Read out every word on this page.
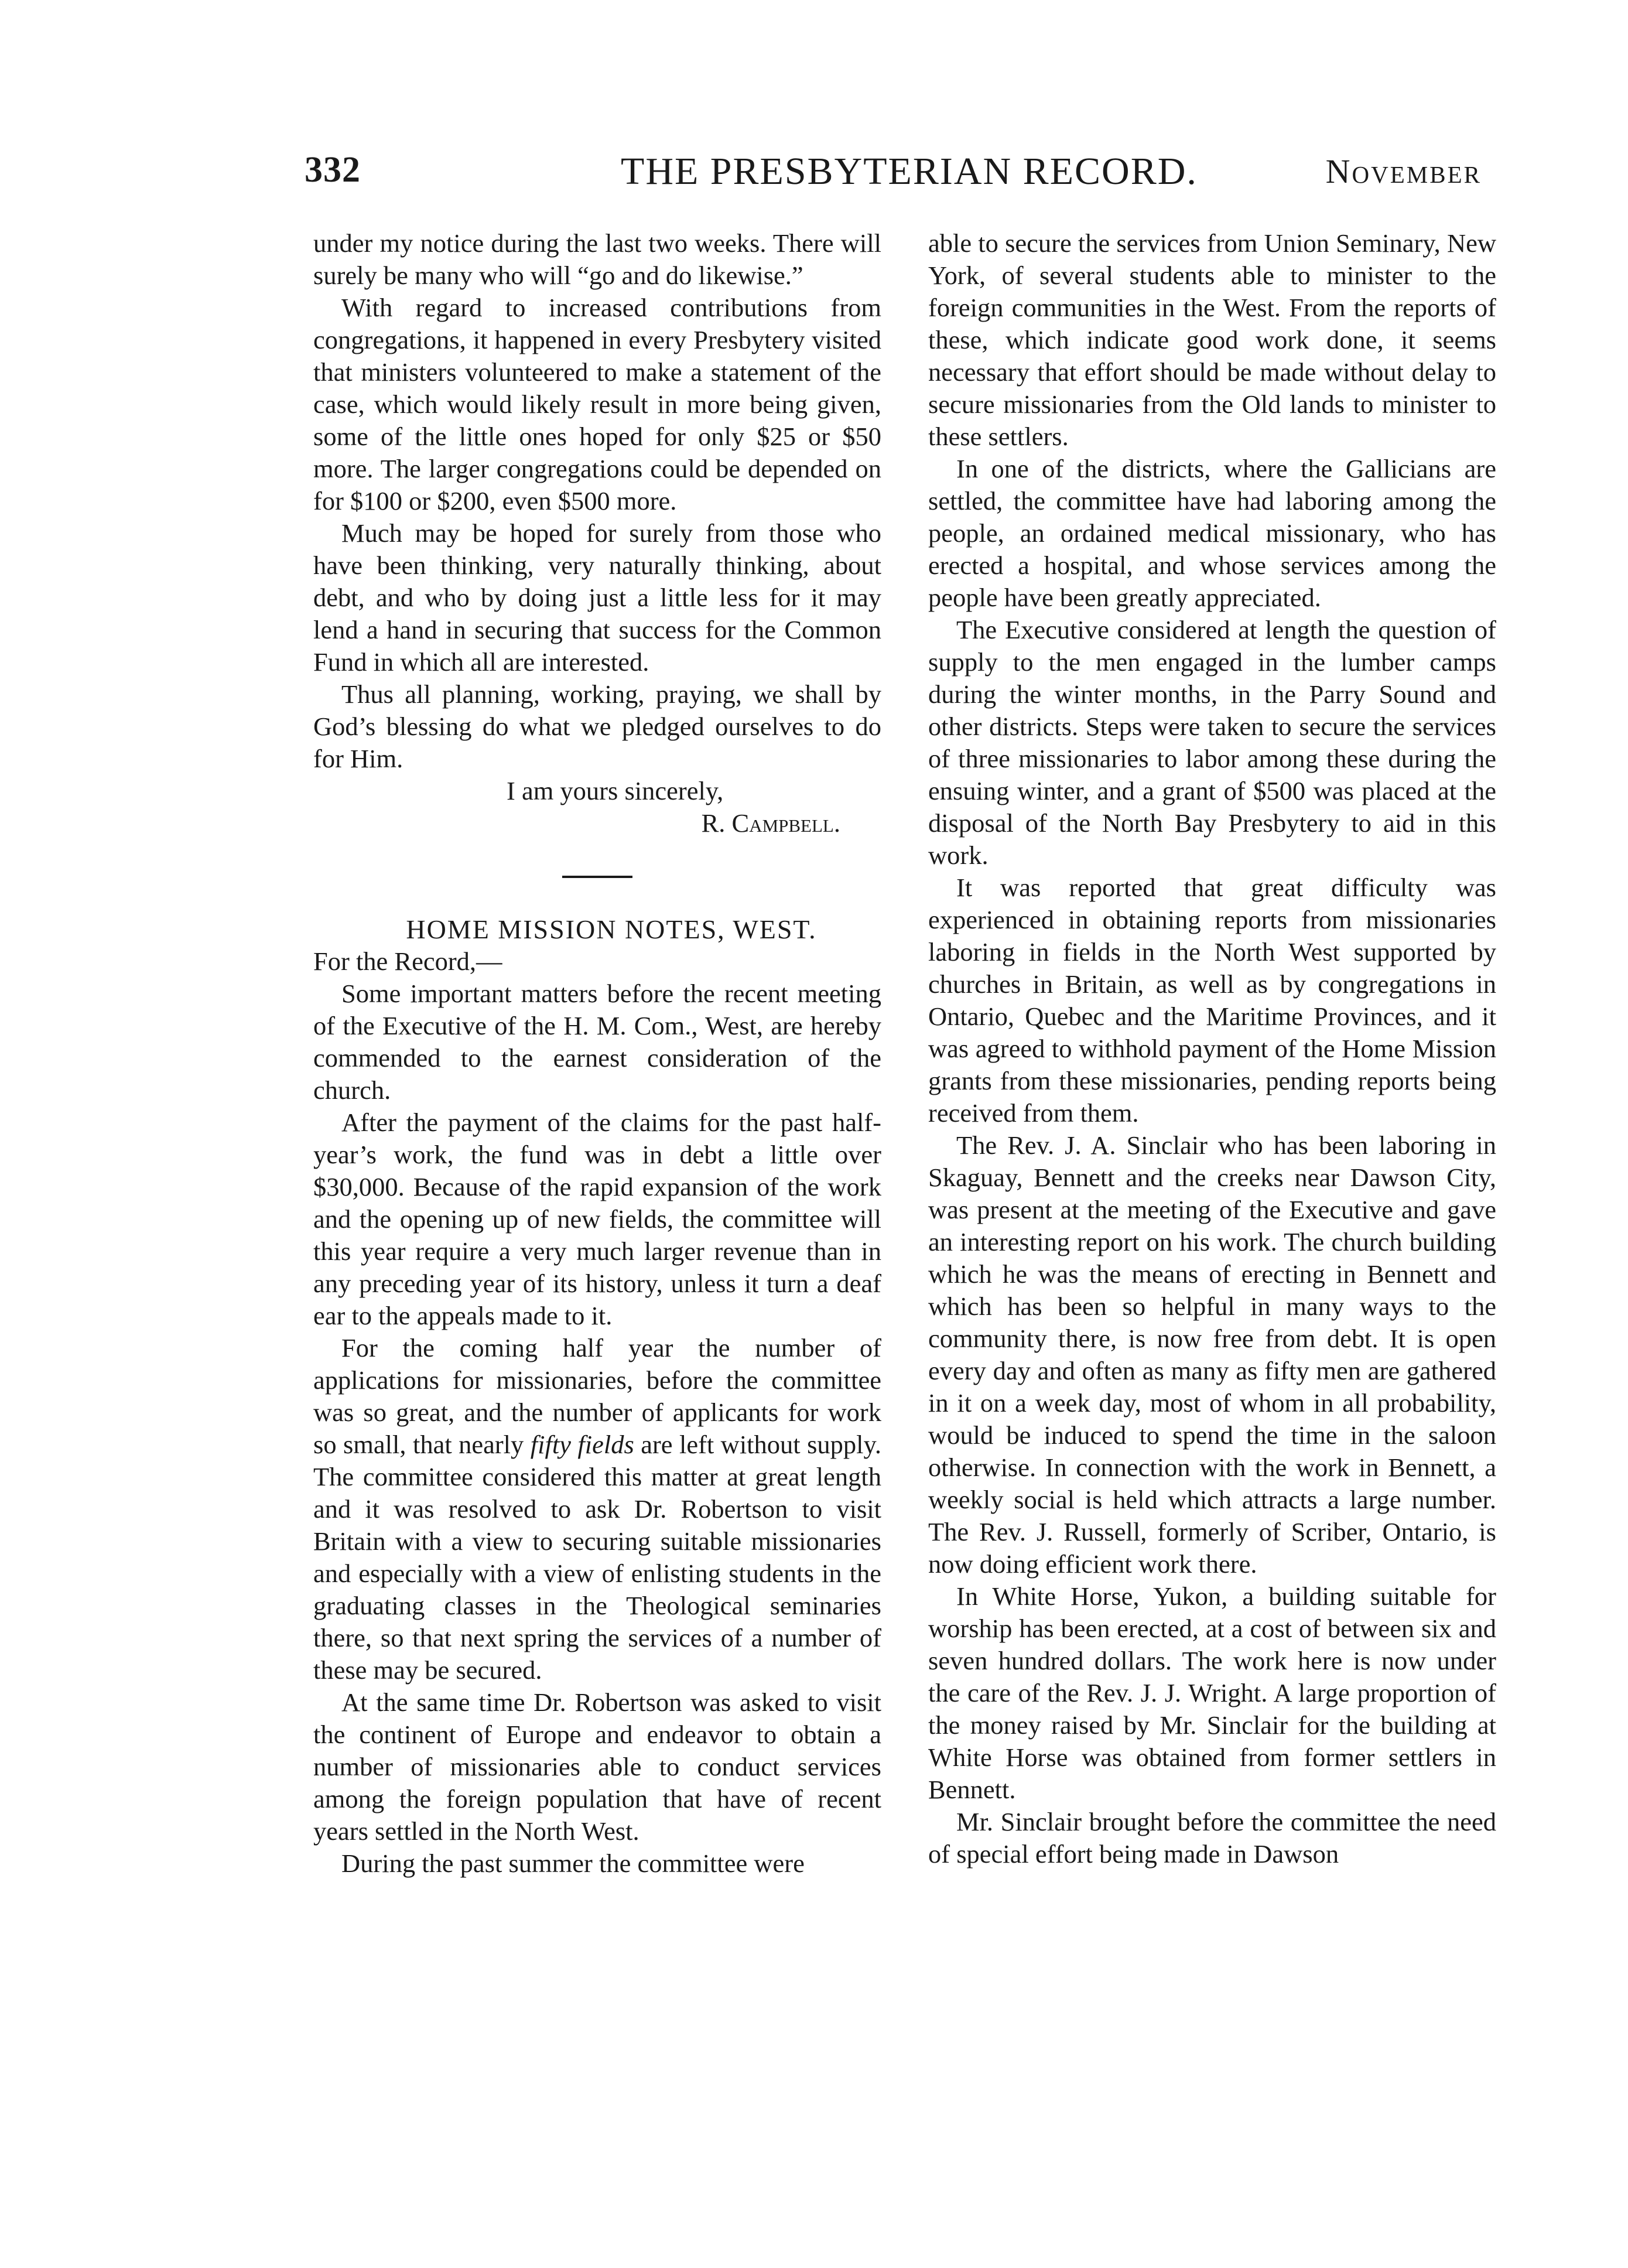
332	THE PRESBYTERIAN RECORD.	November

under my notice during the last two weeks. There will surely be many who will “go and do likewise.”

With regard to increased contributions from congregations, it happened in every Presbytery visited that ministers volunteered to make a statement of the case, which would likely result in more being given, some of the little ones hoped for only $25 or $50 more. The larger congregations could be depended on for $100 or $200, even $500 more.

Much may be hoped for surely from those who have been thinking, very naturally thinking, about debt, and who by doing just a little less for it may lend a hand in securing that success for the Common Fund in which all are interested.

Thus all planning, working, praying, we shall by God’s blessing do what we pledged ourselves to do for Him.

I am yours sincerely,
R. Campbell.

HOME MISSION NOTES, WEST.

For the Record,—

Some important matters before the recent meeting of the Executive of the H. M. Com., West, are hereby commended to the earnest consideration of the church.

After the payment of the claims for the past half-year’s work, the fund was in debt a little over $30,000. Because of the rapid expansion of the work and the opening up of new fields, the committee will this year require a very much larger revenue than in any preceding year of its history, unless it turn a deaf ear to the appeals made to it.

For the coming half year the number of applications for missionaries, before the committee was so great, and the number of applicants for work so small, that nearly fifty fields are left without supply. The committee considered this matter at great length and it was resolved to ask Dr. Robertson to visit Britain with a view to securing suitable missionaries and especially with a view of enlisting students in the graduating classes in the Theological seminaries there, so that next spring the services of a number of these may be secured.

At the same time Dr. Robertson was asked to visit the continent of Europe and endeavor to obtain a number of missionaries able to conduct services among the foreign population that have of recent years settled in the North West.

During the past summer the committee were

able to secure the services from Union Seminary, New York, of several students able to minister to the foreign communities in the West. From the reports of these, which indicate good work done, it seems necessary that effort should be made without delay to secure missionaries from the Old lands to minister to these settlers.

In one of the districts, where the Gallicians are settled, the committee have had laboring among the people, an ordained medical missionary, who has erected a hospital, and whose services among the people have been greatly appreciated.

The Executive considered at length the question of supply to the men engaged in the lumber camps during the winter months, in the Parry Sound and other districts. Steps were taken to secure the services of three missionaries to labor among these during the ensuing winter, and a grant of $500 was placed at the disposal of the North Bay Presbytery to aid in this work.

It was reported that great difficulty was experienced in obtaining reports from missionaries laboring in fields in the North West supported by churches in Britain, as well as by congregations in Ontario, Quebec and the Maritime Provinces, and it was agreed to withhold payment of the Home Mission grants from these missionaries, pending reports being received from them.

The Rev. J. A. Sinclair who has been laboring in Skaguay, Bennett and the creeks near Dawson City, was present at the meeting of the Executive and gave an interesting report on his work. The church building which he was the means of erecting in Bennett and which has been so helpful in many ways to the community there, is now free from debt. It is open every day and often as many as fifty men are gathered in it on a week day, most of whom in all probability, would be induced to spend the time in the saloon otherwise. In connection with the work in Bennett, a weekly social is held which attracts a large number. The Rev. J. Russell, formerly of Scriber, Ontario, is now doing efficient work there.

In White Horse, Yukon, a building suitable for worship has been erected, at a cost of between six and seven hundred dollars. The work here is now under the care of the Rev. J. J. Wright. A large proportion of the money raised by Mr. Sinclair for the building at White Horse was obtained from former settlers in Bennett.

Mr. Sinclair brought before the committee the need of special effort being made in Dawson
